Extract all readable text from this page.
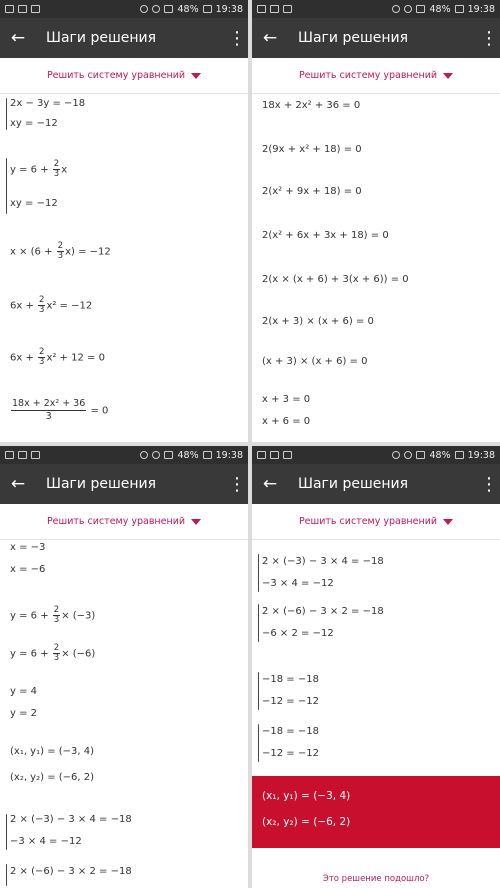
48% 19:38
← Шаги решения	⋮
Решить систему уравнений
2x − 3y = −18
xy = −12
$y = 6 + \frac{2}{3}$ x
xy = −12
$x \times (6 + \frac{2}{3} x) = -12$
$6x + \frac{2}{3} x^2 = -12$
$6x + \frac{2}{3} x^2 + 12 = 0$
$\frac{\text{18x + 2x² + 36}}{3} = 0$
48% 19:38
← Шаги решения	⋮
Решить систему уравнений
18x + 2x² + 36 = 0
2(9x + x² + 18) = 0
2(x² + 9x + 18) = 0
2(x² + 6x + 3x + 18) = 0
2(x × (x + 6) + 3(x + 6)) = 0
2(x + 3) × (x + 6) = 0
(x + 3) × (x + 6) = 0
x + 3 = 0
x + 6 = 0
48% 19:38
← Шаги решения	⋮
Решить систему уравнений
x = −3
x = −6
$y = 6 + \frac{2}{3} \times (-3)$
$y = 6 + \frac{2}{3} \times (-6)$
y = 4
y = 2
(x₁, y₁) = (−3, 4)
(x₂, y₂) = (−6, 2)
2 × (−3) − 3 × 4 = −18
−3 × 4 = −12
2 × (−6) − 3 × 2 = −18
48% 19:38
← Шаги решения	⋮
Решить систему уравнений
2 × (−3) − 3 × 4 = −18
−3 × 4 = −12
2 × (−6) − 3 × 2 = −18
−6 × 2 = −12
−18 = −18
−12 = −12
−18 = −18
−12 = −12
(x₁, y₁) = (−3, 4)
(x₂, y₂) = (−6, 2)
Это решение подошло?
